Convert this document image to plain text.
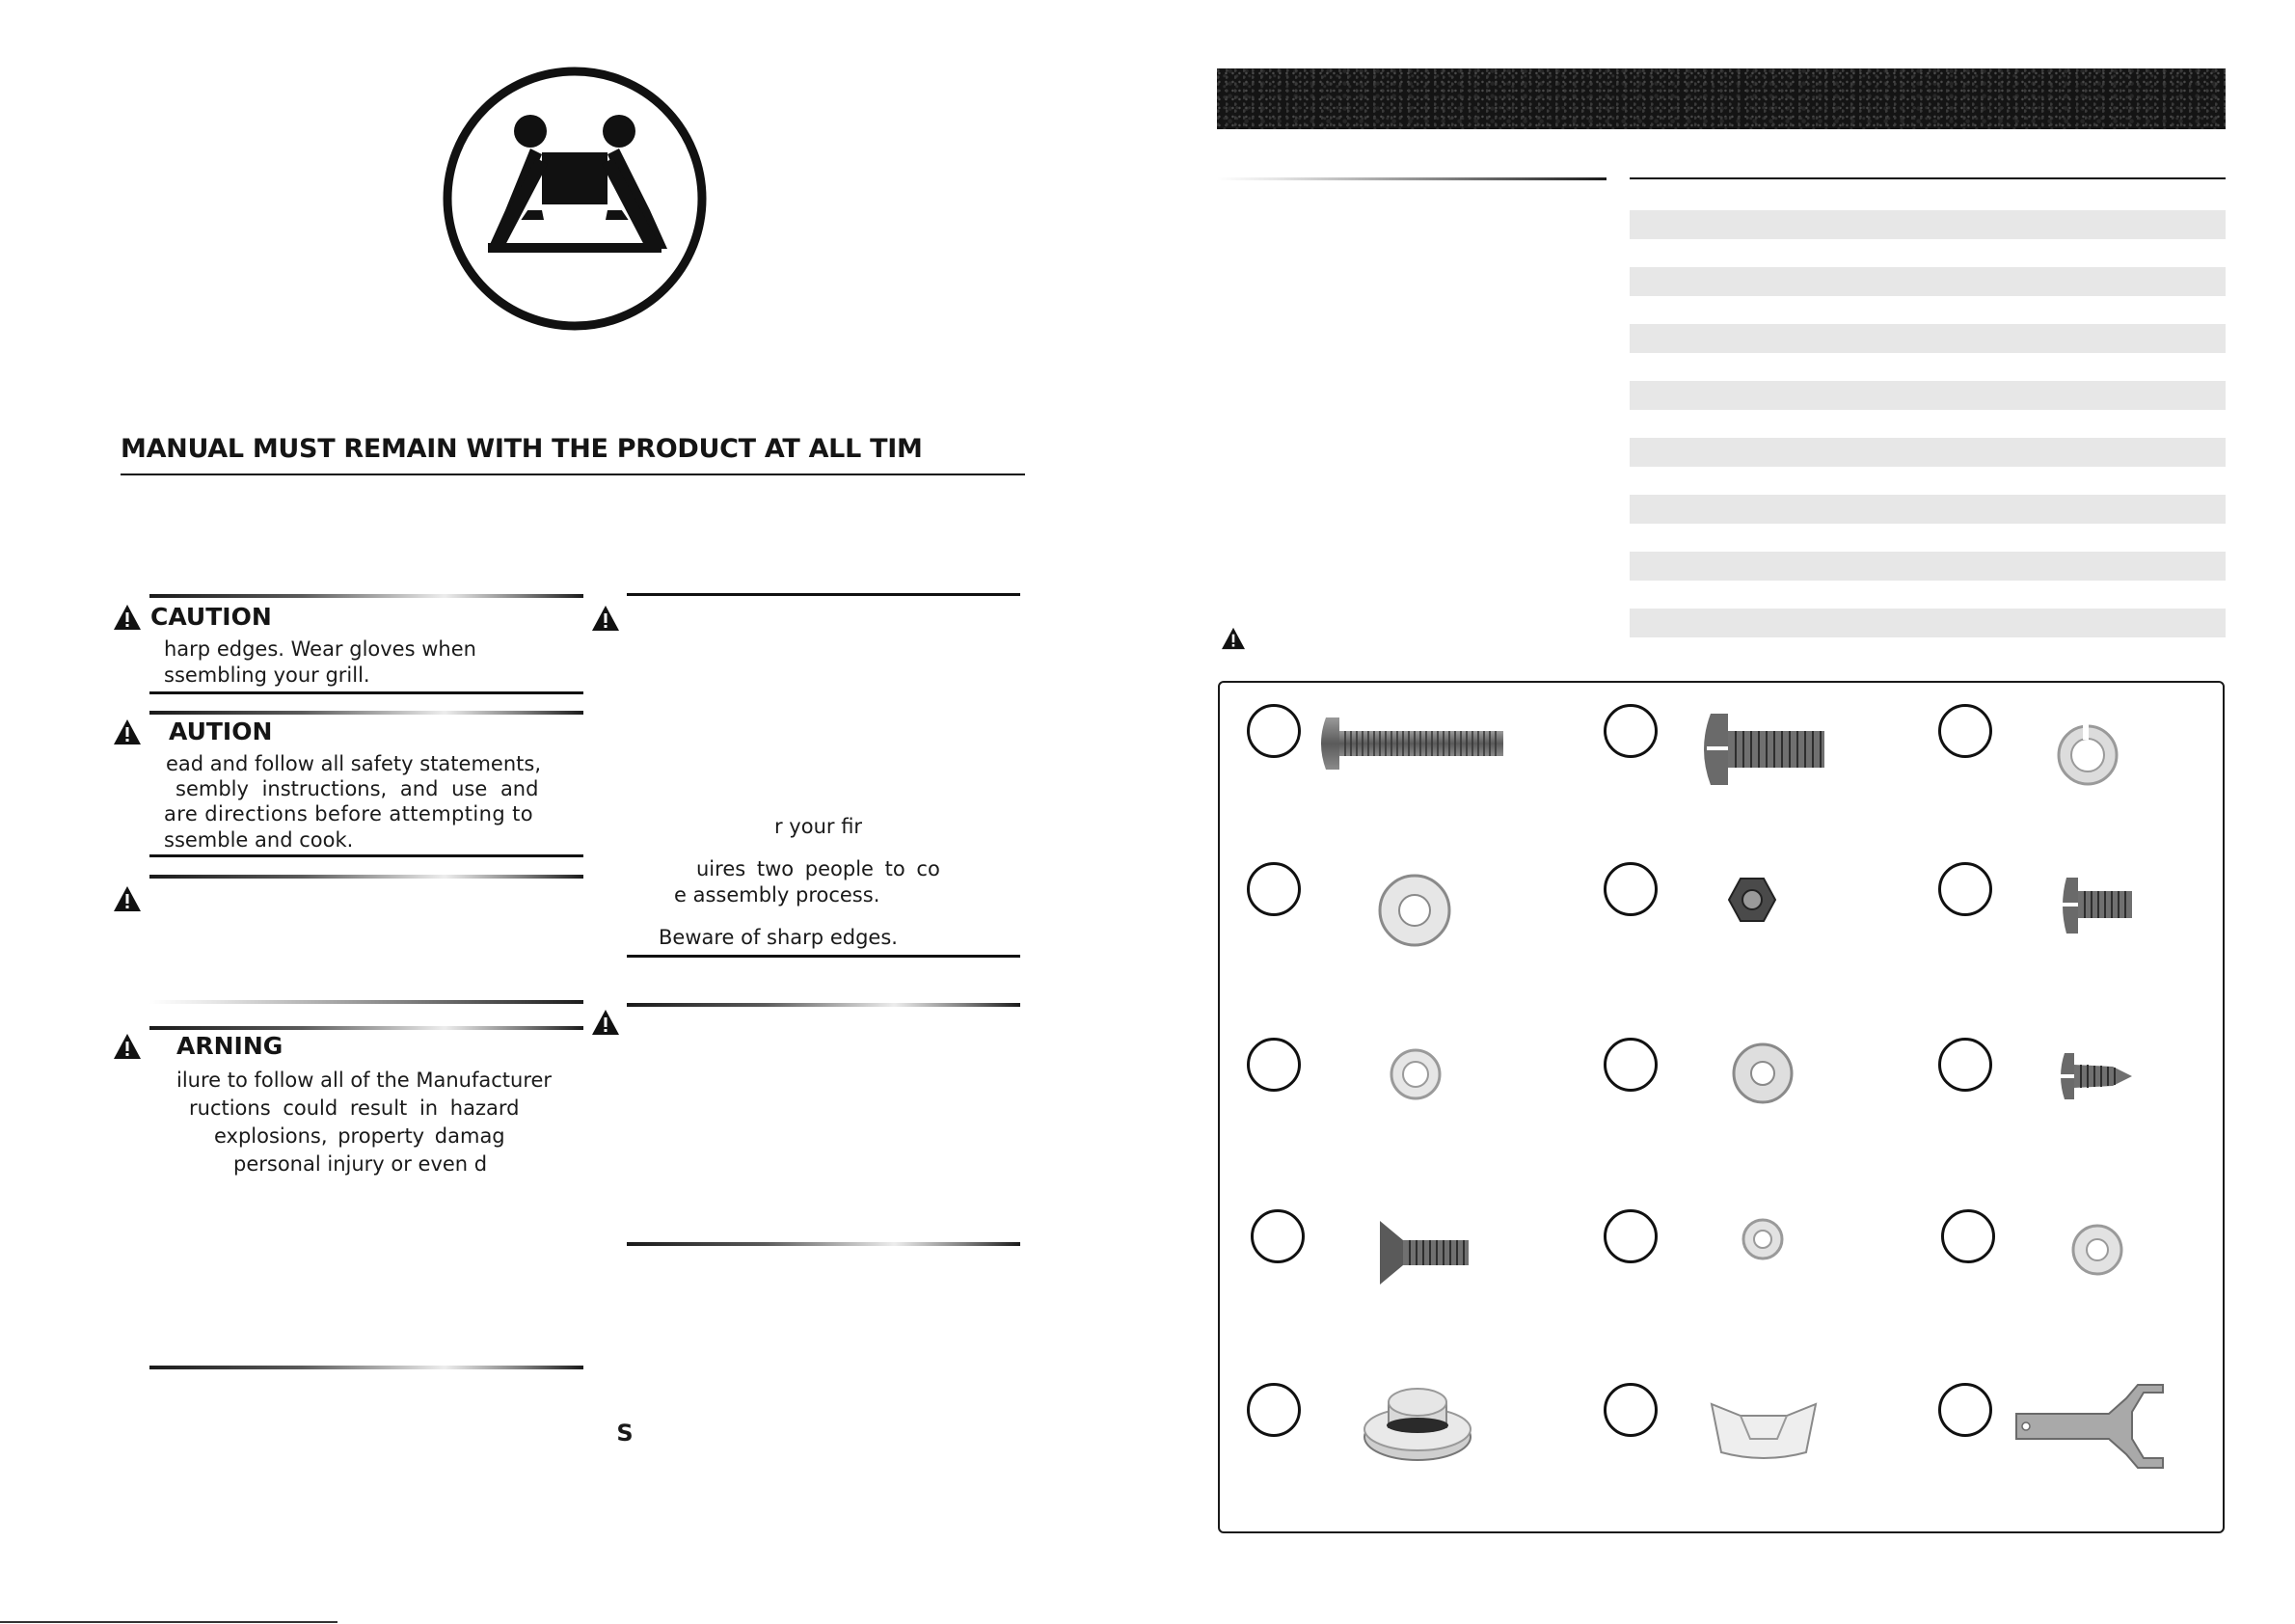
MANUAL MUST REMAIN WITH THE PRODUCT AT ALL TIM
CAUTION
harp edges. Wear gloves when
ssembling your grill.
AUTION
ead and follow all safety statements,
sembly instructions, and use and
are directions before attempting to
ssemble and cook.
ARNING
ilure to follow all of the Manufacturer
ructions could result in hazard
explosions, property damag
personal injury or even d
r your fir
uires two people to co
e assembly process.
Beware of sharp edges.
S
